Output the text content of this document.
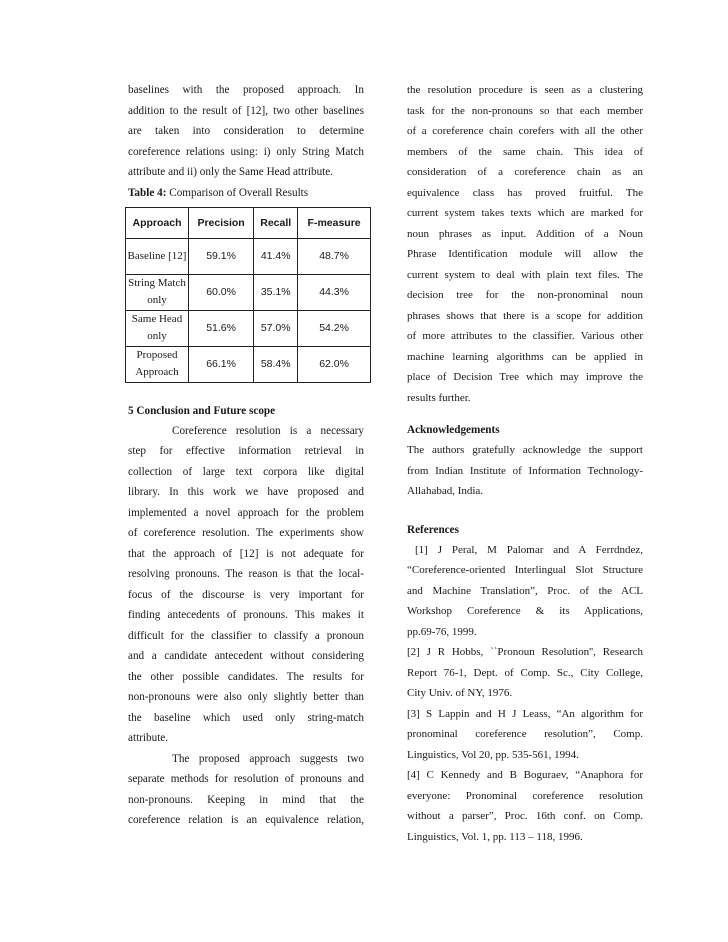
baselines with the proposed approach. In
addition to the result of [12], two other baselines
are taken into consideration to determine
coreference relations using: i) only String Match
attribute and ii) only the Same Head attribute.
Table 4: Comparison of Overall Results
Approach	Precision	Recall	F-measure
Baseline [12]	59.1%	41.4%	48.7%
String Match only	60.0%	35.1%	44.3%
Same Head only	51.6%	57.0%	54.2%
Proposed Approach	66.1%	58.4%	62.0%
5 Conclusion and Future scope
Coreference resolution is a necessary
step for effective information retrieval in
collection of large text corpora like digital
library. In this work we have proposed and
implemented a novel approach for the problem
of coreference resolution. The experiments show
that the approach of [12] is not adequate for
resolving pronouns. The reason is that the local-
focus of the discourse is very important for
finding antecedents of pronouns. This makes it
difficult for the classifier to classify a pronoun
and a candidate antecedent without considering
the other possible candidates. The results for
non-pronouns were also only slightly better than
the baseline which used only string-match
attribute.
The proposed approach suggests two
separate methods for resolution of pronouns and
non-pronouns. Keeping in mind that the
coreference relation is an equivalence relation,
the resolution procedure is seen as a clustering
task for the non-pronouns so that each member
of a coreference chain corefers with all the other
members of the same chain. This idea of
consideration of a coreference chain as an
equivalence class has proved fruitful. The
current system takes texts which are marked for
noun phrases as input. Addition of a Noun
Phrase Identification module will allow the
current system to deal with plain text files. The
decision tree for the non-pronominal noun
phrases shows that there is a scope for addition
of more attributes to the classifier. Various other
machine learning algorithms can be applied in
place of Decision Tree which may improve the
results further.
Acknowledgements
The authors gratefully acknowledge the support
from Indian Institute of Information Technology-
Allahabad, India.
References
[1] J Peral, M Palomar and A Ferrdndez,
“Coreference-oriented Interlingual Slot Structure
and Machine Translation”, Proc. of the ACL
Workshop Coreference & its Applications,
pp.69-76, 1999.
[2] J R Hobbs, ``Pronoun Resolution'', Research
Report 76-1, Dept. of Comp. Sc., City College,
City Univ. of NY, 1976.
[3] S Lappin and H J Leass, “An algorithm for
pronominal coreference resolution”, Comp.
Linguistics, Vol 20, pp. 535-561, 1994.
[4] C Kennedy and B Boguraev, “Anaphora for
everyone: Pronominal coreference resolution
without a parser”, Proc. 16th conf. on Comp.
Linguistics, Vol. 1, pp. 113 – 118, 1996.
